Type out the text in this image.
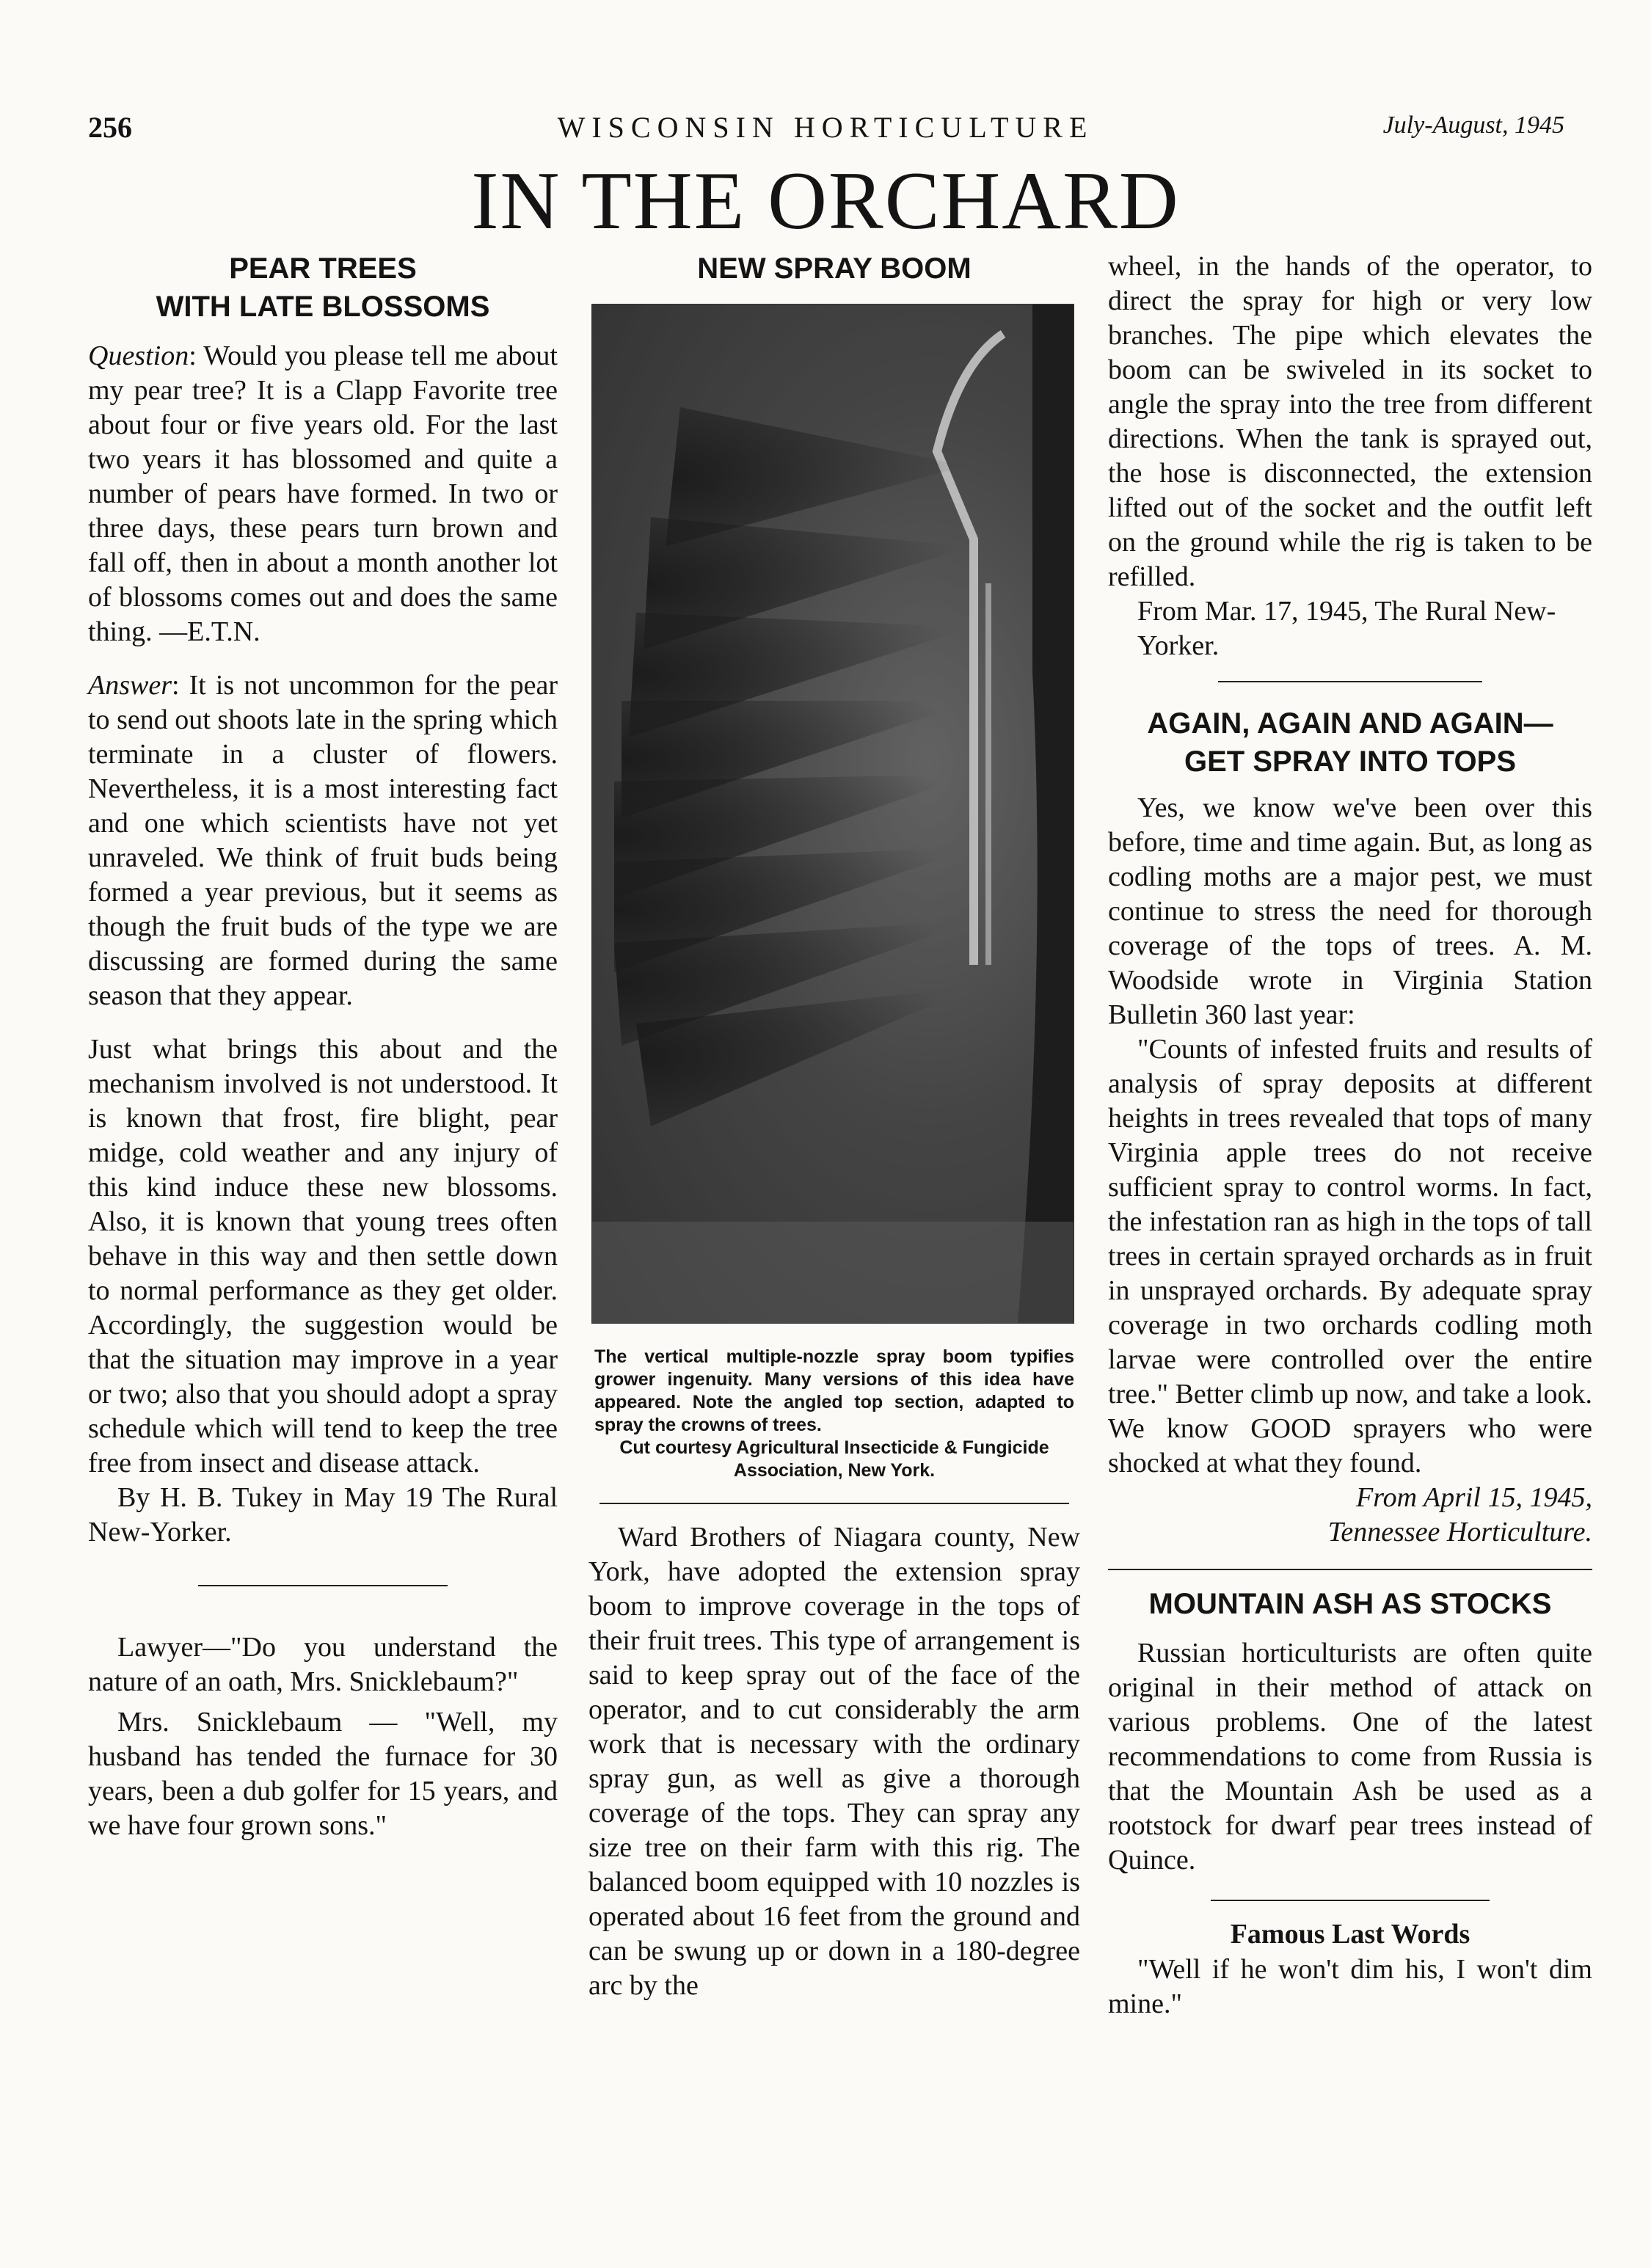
256	WISCONSIN HORTICULTURE	July-August, 1945
IN THE ORCHARD
PEAR TREES
WITH LATE BLOSSOMS

Question: Would you please tell me about my pear tree? It is a Clapp Favorite tree about four or five years old. For the last two years it has blossomed and quite a number of pears have formed. In two or three days, these pears turn brown and fall off, then in about a month another lot of blossoms comes out and does the same thing. —E.T.N.

Answer: It is not uncommon for the pear to send out shoots late in the spring which terminate in a cluster of flowers. Nevertheless, it is a most interesting fact and one which scientists have not yet unraveled. We think of fruit buds being formed a year previous, but it seems as though the fruit buds of the type we are discussing are formed during the same season that they appear.

Just what brings this about and the mechanism involved is not understood. It is known that frost, fire blight, pear midge, cold weather and any injury of this kind induce these new blossoms. Also, it is known that young trees often behave in this way and then settle down to normal performance as they get older. Accordingly, the suggestion would be that the situation may improve in a year or two; also that you should adopt a spray schedule which will tend to keep the tree free from insect and disease attack.

By H. B. Tukey in May 19 The Rural New-Yorker.

Lawyer—"Do you understand the nature of an oath, Mrs. Snicklebaum?"

Mrs. Snicklebaum — "Well, my husband has tended the furnace for 30 years, been a dub golfer for 15 years, and we have four grown sons."

NEW SPRAY BOOM
The vertical multiple-nozzle spray boom typifies grower ingenuity. Many versions of this idea have appeared. Note the angled top section, adapted to spray the crowns of trees.
Cut courtesy Agricultural Insecticide & Fungicide Association, New York.

Ward Brothers of Niagara county, New York, have adopted the extension spray boom to improve coverage in the tops of their fruit trees. This type of arrangement is said to keep spray out of the face of the operator, and to cut considerably the arm work that is necessary with the ordinary spray gun, as well as give a thorough coverage of the tops. They can spray any size tree on their farm with this rig. The balanced boom equipped with 10 nozzles is operated about 16 feet from the ground and can be swung up or down in a 180-degree arc by the

wheel, in the hands of the operator, to direct the spray for high or very low branches. The pipe which elevates the boom can be swiveled in its socket to angle the spray into the tree from different directions. When the tank is sprayed out, the hose is disconnected, the extension lifted out of the socket and the outfit left on the ground while the rig is taken to be refilled.

From Mar. 17, 1945, The Rural New-Yorker.

AGAIN, AGAIN AND AGAIN—
GET SPRAY INTO TOPS

Yes, we know we've been over this before, time and time again. But, as long as codling moths are a major pest, we must continue to stress the need for thorough coverage of the tops of trees. A. M. Woodside wrote in Virginia Station Bulletin 360 last year:

"Counts of infested fruits and results of analysis of spray deposits at different heights in trees revealed that tops of many Virginia apple trees do not receive sufficient spray to control worms. In fact, the infestation ran as high in the tops of tall trees in certain sprayed orchards as in fruit in unsprayed orchards. By adequate spray coverage in two orchards codling moth larvae were controlled over the entire tree." Better climb up now, and take a look. We know GOOD sprayers who were shocked at what they found.

From April 15, 1945,

Tennessee Horticulture.

MOUNTAIN ASH AS STOCKS

Russian horticulturists are often quite original in their method of attack on various problems. One of the latest recommendations to come from Russia is that the Mountain Ash be used as a rootstock for dwarf pear trees instead of Quince.

Famous Last Words

"Well if he won't dim his, I won't dim mine."
